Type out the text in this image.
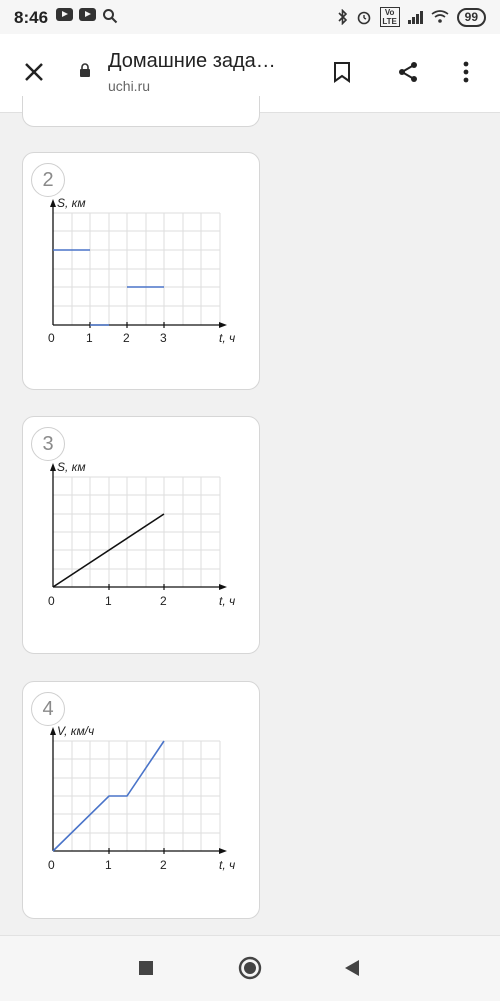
8:46	Vo LTE	99
Домашние зада…
uchi.ru
2
S, км
0	1	2	3	t, ч
3
S, км
0	1	2	t, ч
4
V, км/ч
0	1	2	t, ч
